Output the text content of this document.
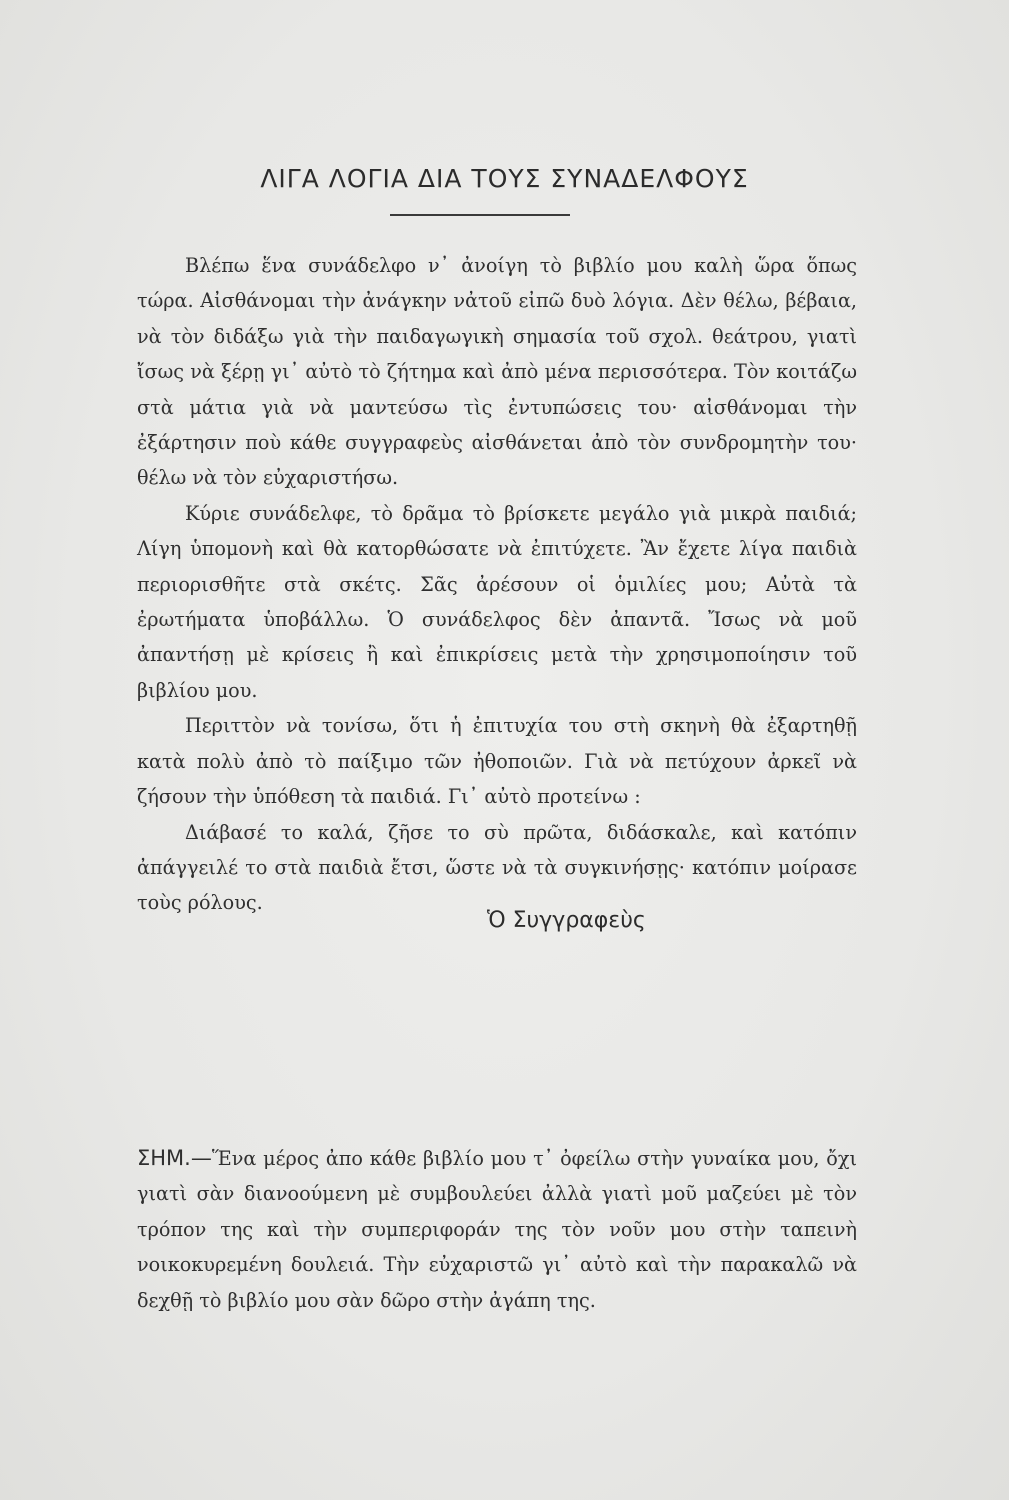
ΛΙΓΑ ΛΟΓΙΑ ΔΙΑ ΤΟΥΣ ΣΥΝΑΔΕΛΦΟΥΣ

Βλέπω ἕνα συνάδελφο ν᾽ ἀνοίγη τὸ βιβλίο μου καλὴ ὥρα ὅπως τώρα. Αἰσθάνομαι τὴν ἀνάγκην νἀτοῦ εἰπῶ δυὸ λόγια. Δὲν θέλω, βέβαια, νὰ τὸν διδάξω γιὰ τὴν παιδαγωγικὴ σημασία τοῦ σχολ. θεάτρου, γιατὶ ἴσως νὰ ξέρῃ γι᾽ αὐτὸ τὸ ζήτημα καὶ ἀπὸ μένα περισσότερα. Τὸν κοιτάζω στὰ μάτια γιὰ νὰ μαντεύσω τὶς ἐντυπώσεις του· αἰσθάνομαι τὴν ἐξάρτησιν ποὺ κάθε συγγραφεὺς αἰσθάνεται ἀπὸ τὸν συνδρομητὴν του· θέλω νὰ τὸν εὐχαριστήσω.

Κύριε συνάδελφε, τὸ δρᾶμα τὸ βρίσκετε μεγάλο γιὰ μικρὰ παιδιά; Λίγη ὑπομονὴ καὶ θὰ κατορθώσατε νὰ ἐπιτύχετε. Ἂν ἔχετε λίγα παιδιὰ περιορισθῆτε στὰ σκέτς. Σᾶς ἀρέσουν οἱ ὁμιλίες μου; Αὐτὰ τὰ ἐρωτήματα ὑποβάλλω. Ὁ συνάδελφος δὲν ἀπαντᾶ. Ἴσως νὰ μοῦ ἀπαντήσῃ μὲ κρίσεις ἢ καὶ ἐπικρίσεις μετὰ τὴν χρησιμοποίησιν τοῦ βιβλίου μου.

Περιττὸν νὰ τονίσω, ὅτι ἡ ἐπιτυχία του στὴ σκηνὴ θὰ ἐξαρτηθῇ κατὰ πολὺ ἀπὸ τὸ παίξιμο τῶν ἠθοποιῶν. Γιὰ νὰ πετύχουν ἀρκεῖ νὰ ζήσουν τὴν ὑπόθεση τὰ παιδιά. Γι᾽ αὐτὸ προτείνω :

Διάβασέ το καλά, ζῆσε το σὺ πρῶτα, διδάσκαλε, καὶ κατόπιν ἀπάγγειλέ το στὰ παιδιὰ ἔτσι, ὥστε νὰ τὰ συγκινήσῃς· κατόπιν μοίρασε τοὺς ρόλους.

Ὁ Συγγραφεὺς
ΣΗΜ.—Ἕνα μέρος ἀπο κάθε βιβλίο μου τ᾽ ὀφείλω στὴν γυναίκα μου, ὄχι γιατὶ σὰν διανοούμενη μὲ συμβουλεύει ἀλλὰ γιατὶ μοῦ μαζεύει μὲ τὸν τρόπον της καὶ τὴν συμπεριφοράν της τὸν νοῦν μου στὴν ταπεινὴ νοικοκυρεμένη δουλειά. Τὴν εὐχαριστῶ γι᾽ αὐτὸ καὶ τὴν παρακαλῶ νὰ δεχθῇ τὸ βιβλίο μου σὰν δῶρο στὴν ἀγάπη της.
